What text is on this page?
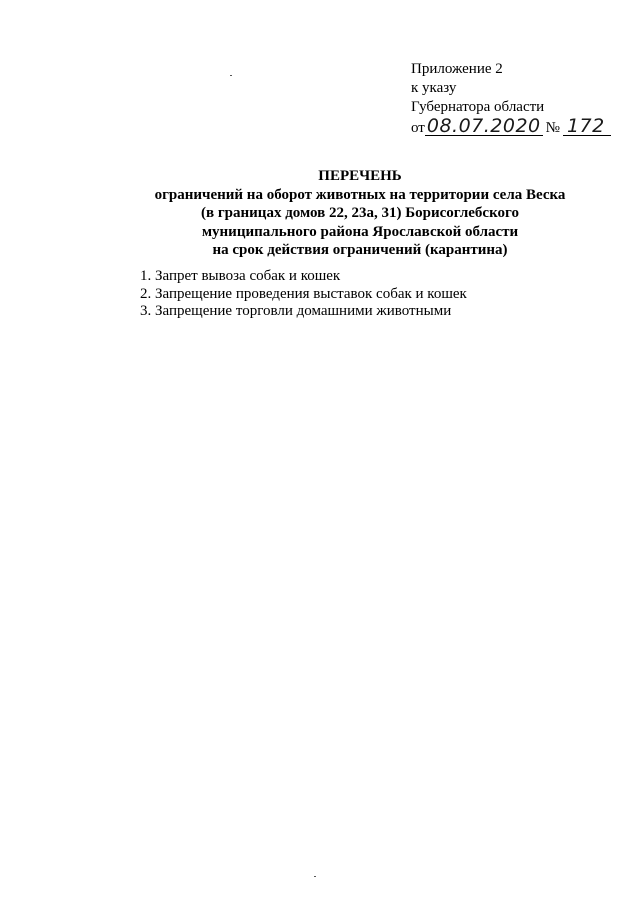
Приложение 2
к указу
Губернатора области
от 08.07.2020 № 172
ПЕРЕЧЕНЬ
ограничений на оборот животных на территории села Веска
(в границах домов 22, 23а, 31) Борисоглебского
муниципального района Ярославской области
на срок действия ограничений (карантина)
1. Запрет вывоза собак и кошек
2. Запрещение проведения выставок собак и кошек
3. Запрещение торговли домашними животными
